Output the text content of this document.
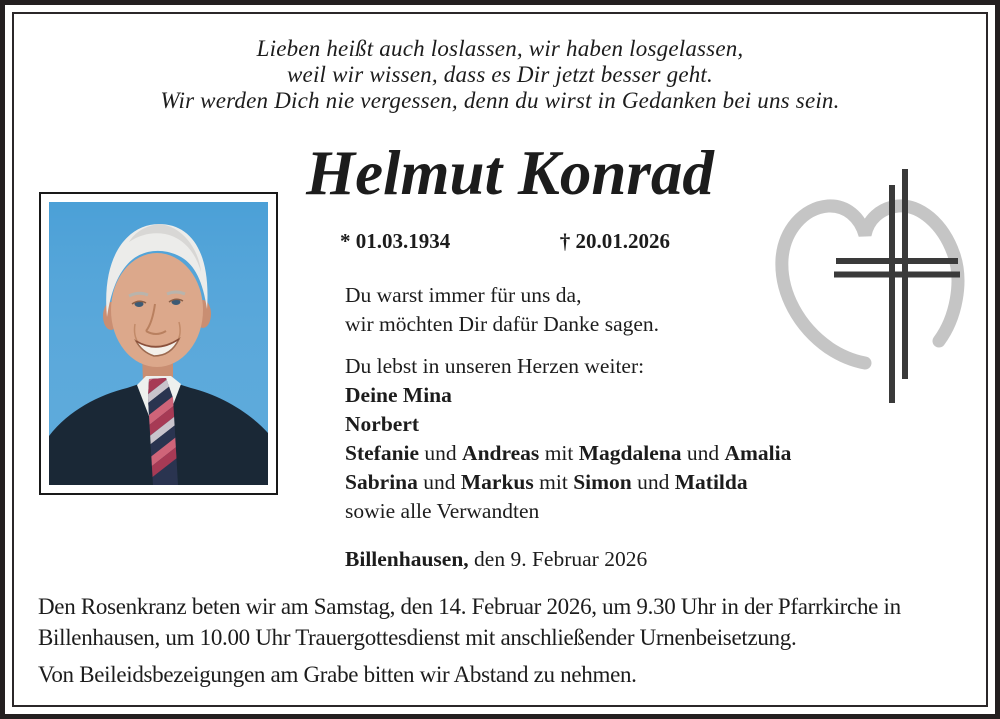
Lieben heißt auch loslassen, wir haben losgelassen,
weil wir wissen, dass es Dir jetzt besser geht.
Wir werden Dich nie vergessen, denn du wirst in Gedanken bei uns sein.
Helmut Konrad
* 01.03.1934	† 20.01.2026
Du warst immer für uns da,
wir möchten Dir dafür Danke sagen.
Du lebst in unseren Herzen weiter:
Deine Mina
Norbert
Stefanie und Andreas mit Magdalena und Amalia
Sabrina und Markus mit Simon und Matilda
sowie alle Verwandten
Billenhausen, den 9. Februar 2026
Den Rosenkranz beten wir am Samstag, den 14. Februar 2026, um 9.30 Uhr in der Pfarrkirche in
Billenhausen, um 10.00 Uhr Trauergottesdienst mit anschließender Urnenbeisetzung.
Von Beileidsbezeigungen am Grabe bitten wir Abstand zu nehmen.
